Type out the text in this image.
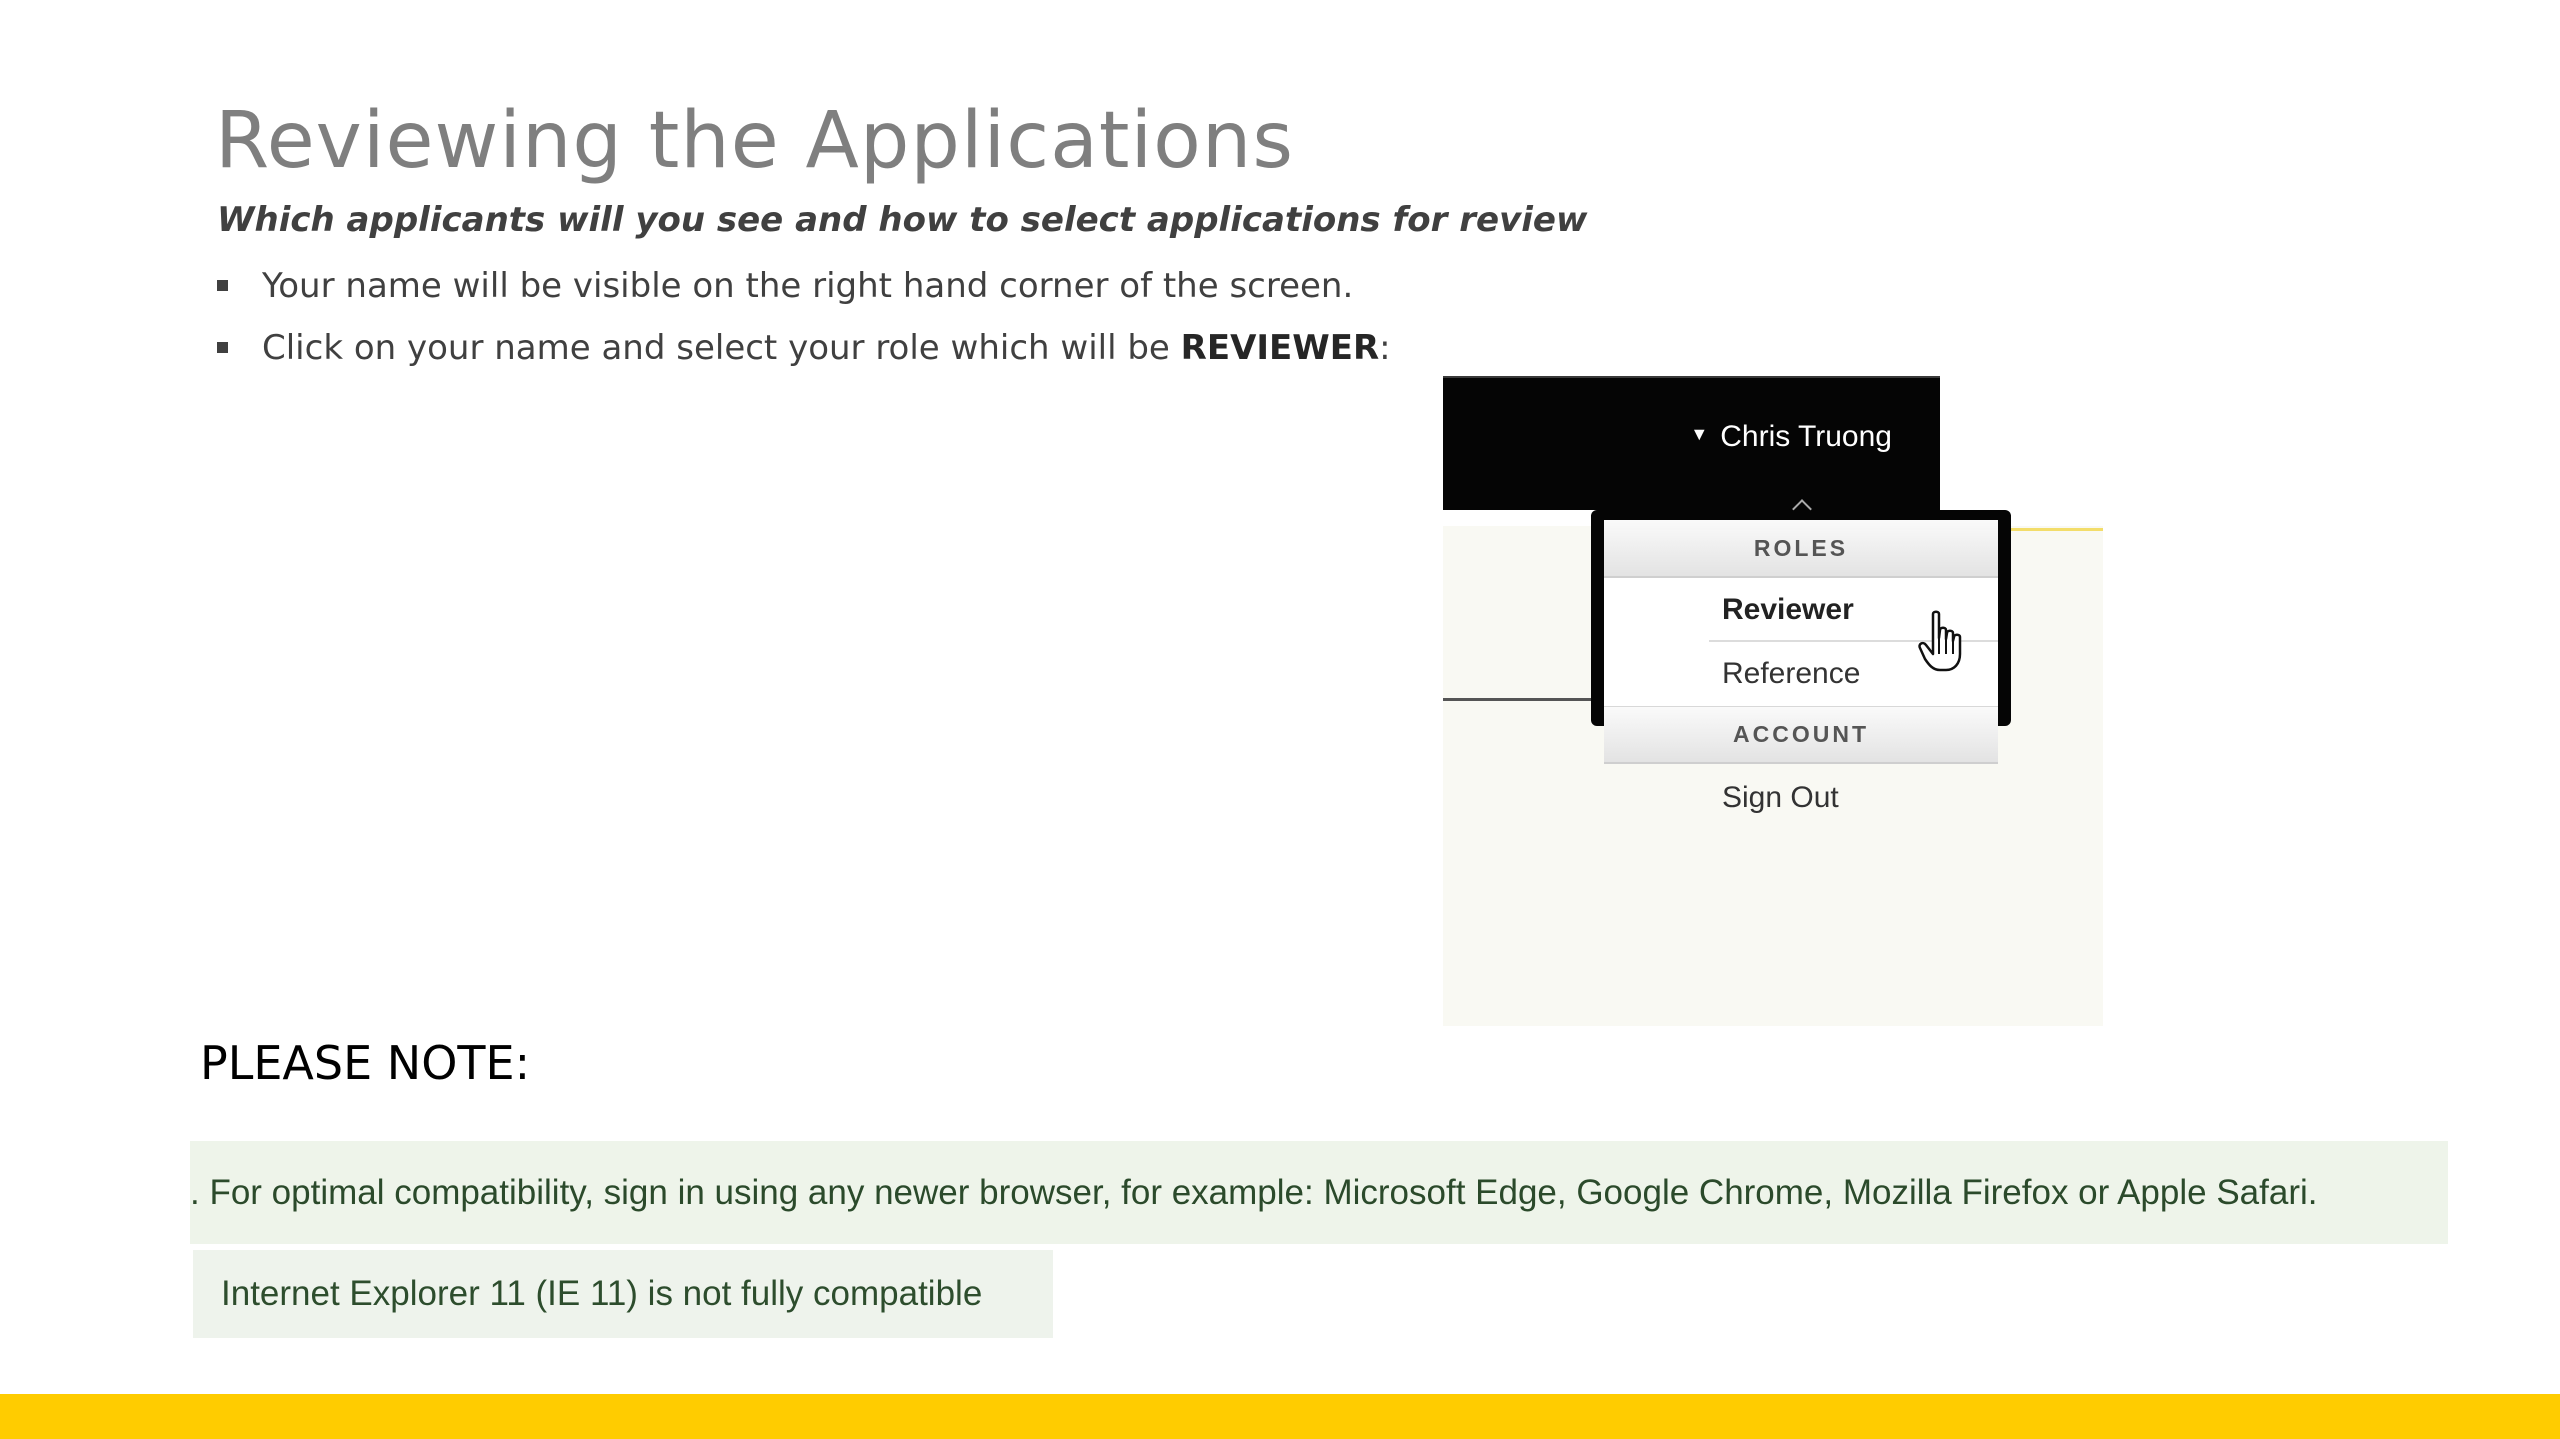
Reviewing the Applications
Which applicants will you see and how to select applications for review
Your name will be visible on the right hand corner of the screen.
Click on your name and select your role which will be REVIEWER:
▼ Chris Truong
ROLES
Reviewer
Reference
ACCOUNT
Sign Out
PLEASE NOTE:
. For optimal compatibility, sign in using any newer browser, for example: Microsoft Edge, Google Chrome, Mozilla Firefox or Apple Safari.
Internet Explorer 11 (IE 11) is not fully compatible
